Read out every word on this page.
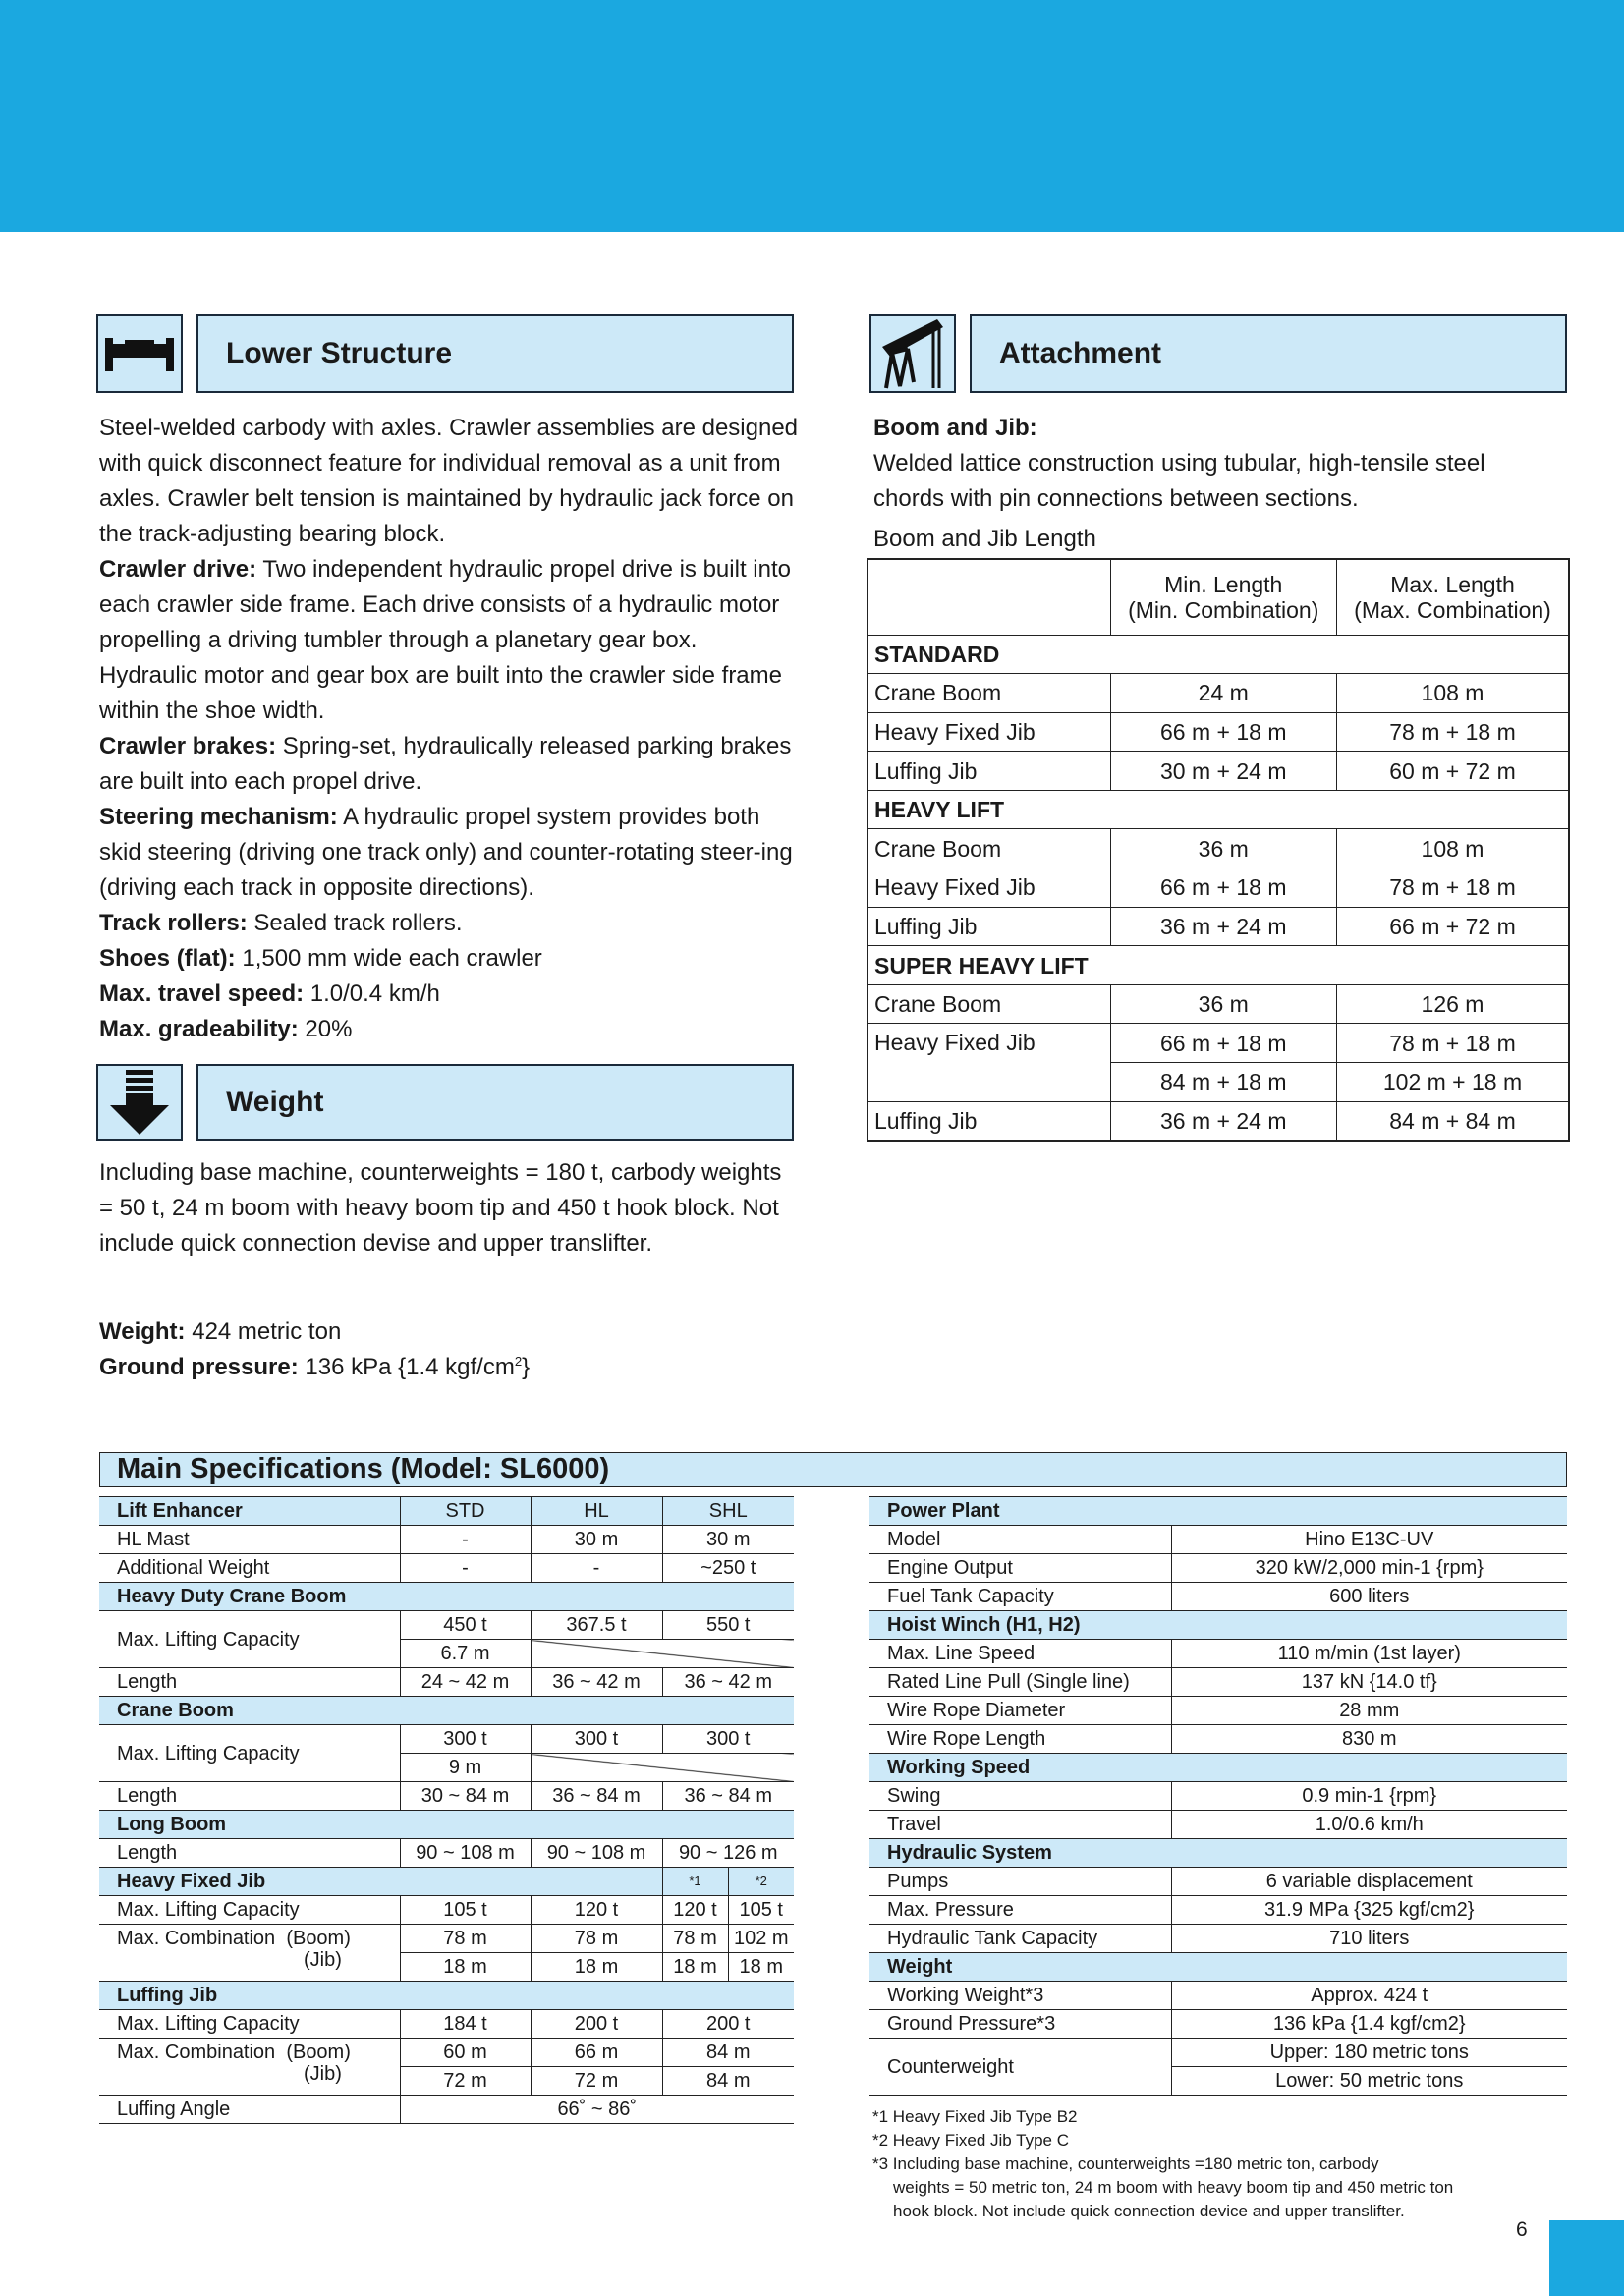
Lower Structure
Steel-welded carbody with axles. Crawler assemblies are designed with quick disconnect feature for individual removal as a unit from axles. Crawler belt tension is maintained by hydraulic jack force on the track-adjusting bearing block.
Crawler drive: Two independent hydraulic propel drive is built into each crawler side frame. Each drive consists of a hydraulic motor propelling a driving tumbler through a planetary gear box. Hydraulic motor and gear box are built into the crawler side frame within the shoe width.
Crawler brakes: Spring-set, hydraulically released parking brakes are built into each propel drive.
Steering mechanism: A hydraulic propel system provides both skid steering (driving one track only) and counter-rotating steer-ing (driving each track in opposite directions).
Track rollers: Sealed track rollers.
Shoes (flat): 1,500 mm wide each crawler
Max. travel speed: 1.0/0.4 km/h
Max. gradeability: 20%
Weight
Including base machine, counterweights = 180 t, carbody weights = 50 t, 24 m boom with heavy boom tip and 450 t hook block. Not include quick connection devise and upper translifter.
Weight: 424 metric ton
Ground pressure: 136 kPa {1.4 kgf/$cm^2$}
Attachment
Boom and Jib:
Welded lattice construction using tubular, high-tensile steel chords with pin connections between sections.
Boom and Jib Length
	Min. Length
(Min. Combination)	Max. Length
(Max. Combination)
STANDARD		
Crane Boom	24 m	108 m
Heavy Fixed Jib	66 m + 18 m	78 m + 18 m
Luffing Jib	30 m + 24 m	60 m + 72 m
HEAVY LIFT		
Crane Boom	36 m	108 m
Heavy Fixed Jib	66 m + 18 m	78 m + 18 m
Luffing Jib	36 m + 24 m	66 m + 72 m
SUPER HEAVY LIFT		
Crane Boom	36 m	126 m
Heavy Fixed Jib	66 m + 18 m	78 m + 18 m
	84 m + 18 m	102 m + 18 m
Luffing Jib	36 m + 24 m	84 m + 84 m
Main Specifications (Model: SL6000)
Lift Enhancer	STD	HL	SHL	
HL Mast	-	30 m	30 m	
Additional Weight	-	-	~250 t	
Heavy Duty Crane Boom				
Max. Lifting Capacity	450 t	367.5 t	550 t	
	6.7 m			
Length	24 ~ 42 m	36 ~ 42 m	36 ~ 42 m	
Crane Boom				
Max. Lifting Capacity	300 t	300 t	300 t	
	9 m			
Length	30 ~ 84 m	36 ~ 84 m	36 ~ 84 m	
Long Boom				
Length	90 ~ 108 m	90 ~ 108 m	90 ~ 126 m	
Heavy Fixed Jib			*1	*2
Max. Lifting Capacity	105 t	120 t	120 t	105 t
Max. Combination (Boom)
(Jib)	78 m	78 m	78 m	102 m
	18 m	18 m	18 m	18 m
Luffing Jib				
Max. Lifting Capacity	184 t	200 t	200 t	
Max. Combination (Boom)
(Jib)	60 m	66 m	84 m	
	72 m	72 m	84 m	
Luffing Angle	66˚ ~ 86˚			
Power Plant	
Model	Hino E13C-UV
Engine Output	320 kW/2,000 min-1 {rpm}
Fuel Tank Capacity	600 liters
Hoist Winch (H1, H2)	
Max. Line Speed	110 m/min (1st layer)
Rated Line Pull (Single line)	137 kN {14.0 tf}
Wire Rope Diameter	28 mm
Wire Rope Length	830 m
Working Speed	
Swing	0.9 min-1 {rpm}
Travel	1.0/0.6 km/h
Hydraulic System	
Pumps	6 variable displacement
Max. Pressure	31.9 MPa {325 kgf/cm2}
Hydraulic Tank Capacity	710 liters
Weight	
Working Weight*3	Approx. 424 t
Ground Pressure*3	136 kPa {1.4 kgf/cm2}
Counterweight	Upper: 180 metric tons
	Lower: 50 metric tons
*1 Heavy Fixed Jib Type B2
*2 Heavy Fixed Jib Type C
*3 Including base machine, counterweights =180 metric ton, carbody
weights = 50 metric ton, 24 m boom with heavy boom tip and 450 metric ton
hook block. Not include quick connection device and upper translifter.
6
